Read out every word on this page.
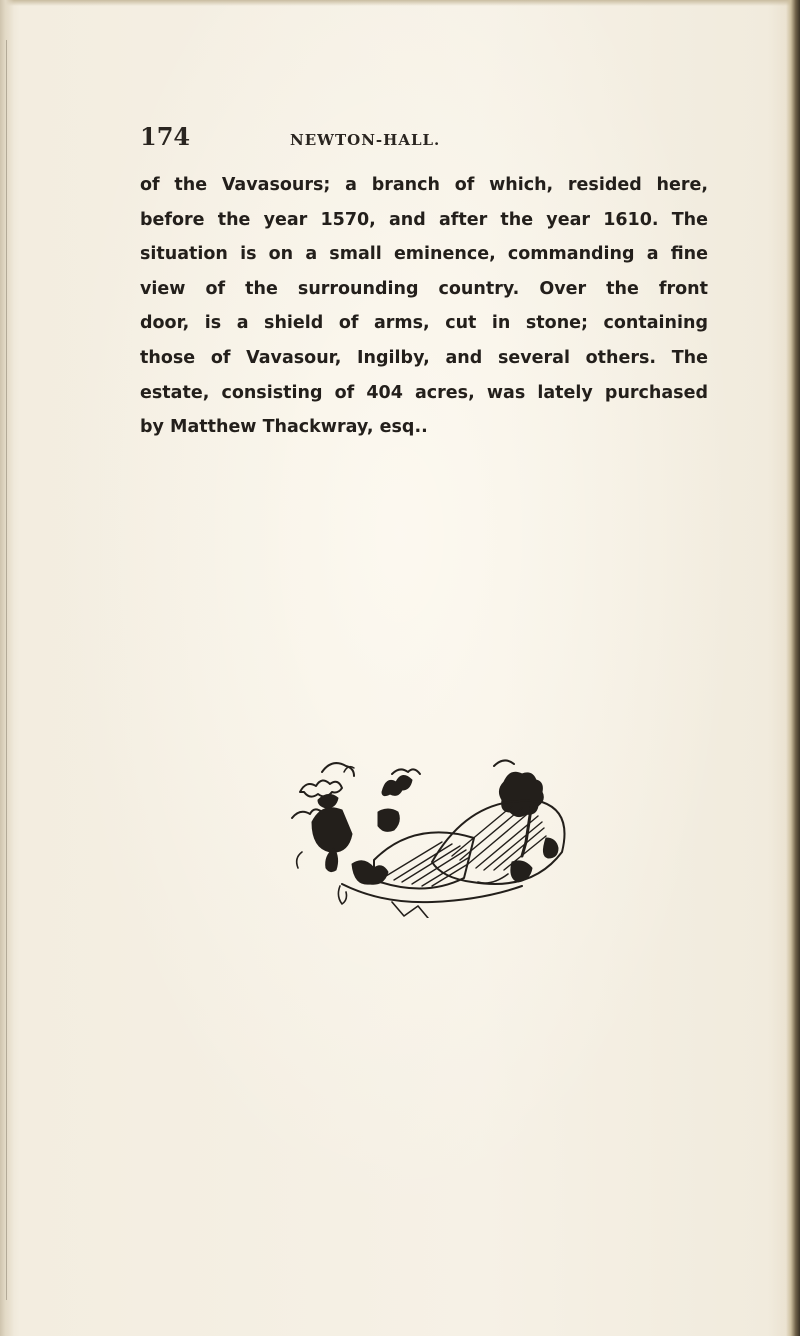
174	NEWTON-HALL.
of the Vavasours; a branch of which, resided here,
before the year 1570, and after the year 1610. The
situation is on a small eminence, commanding a fine
view of the surrounding country. Over the front
door, is a shield of arms, cut in stone; containing
those of Vavasour, Ingilby, and several others. The
estate, consisting of 404 acres, was lately purchased
by Matthew Thackwray, esq..
